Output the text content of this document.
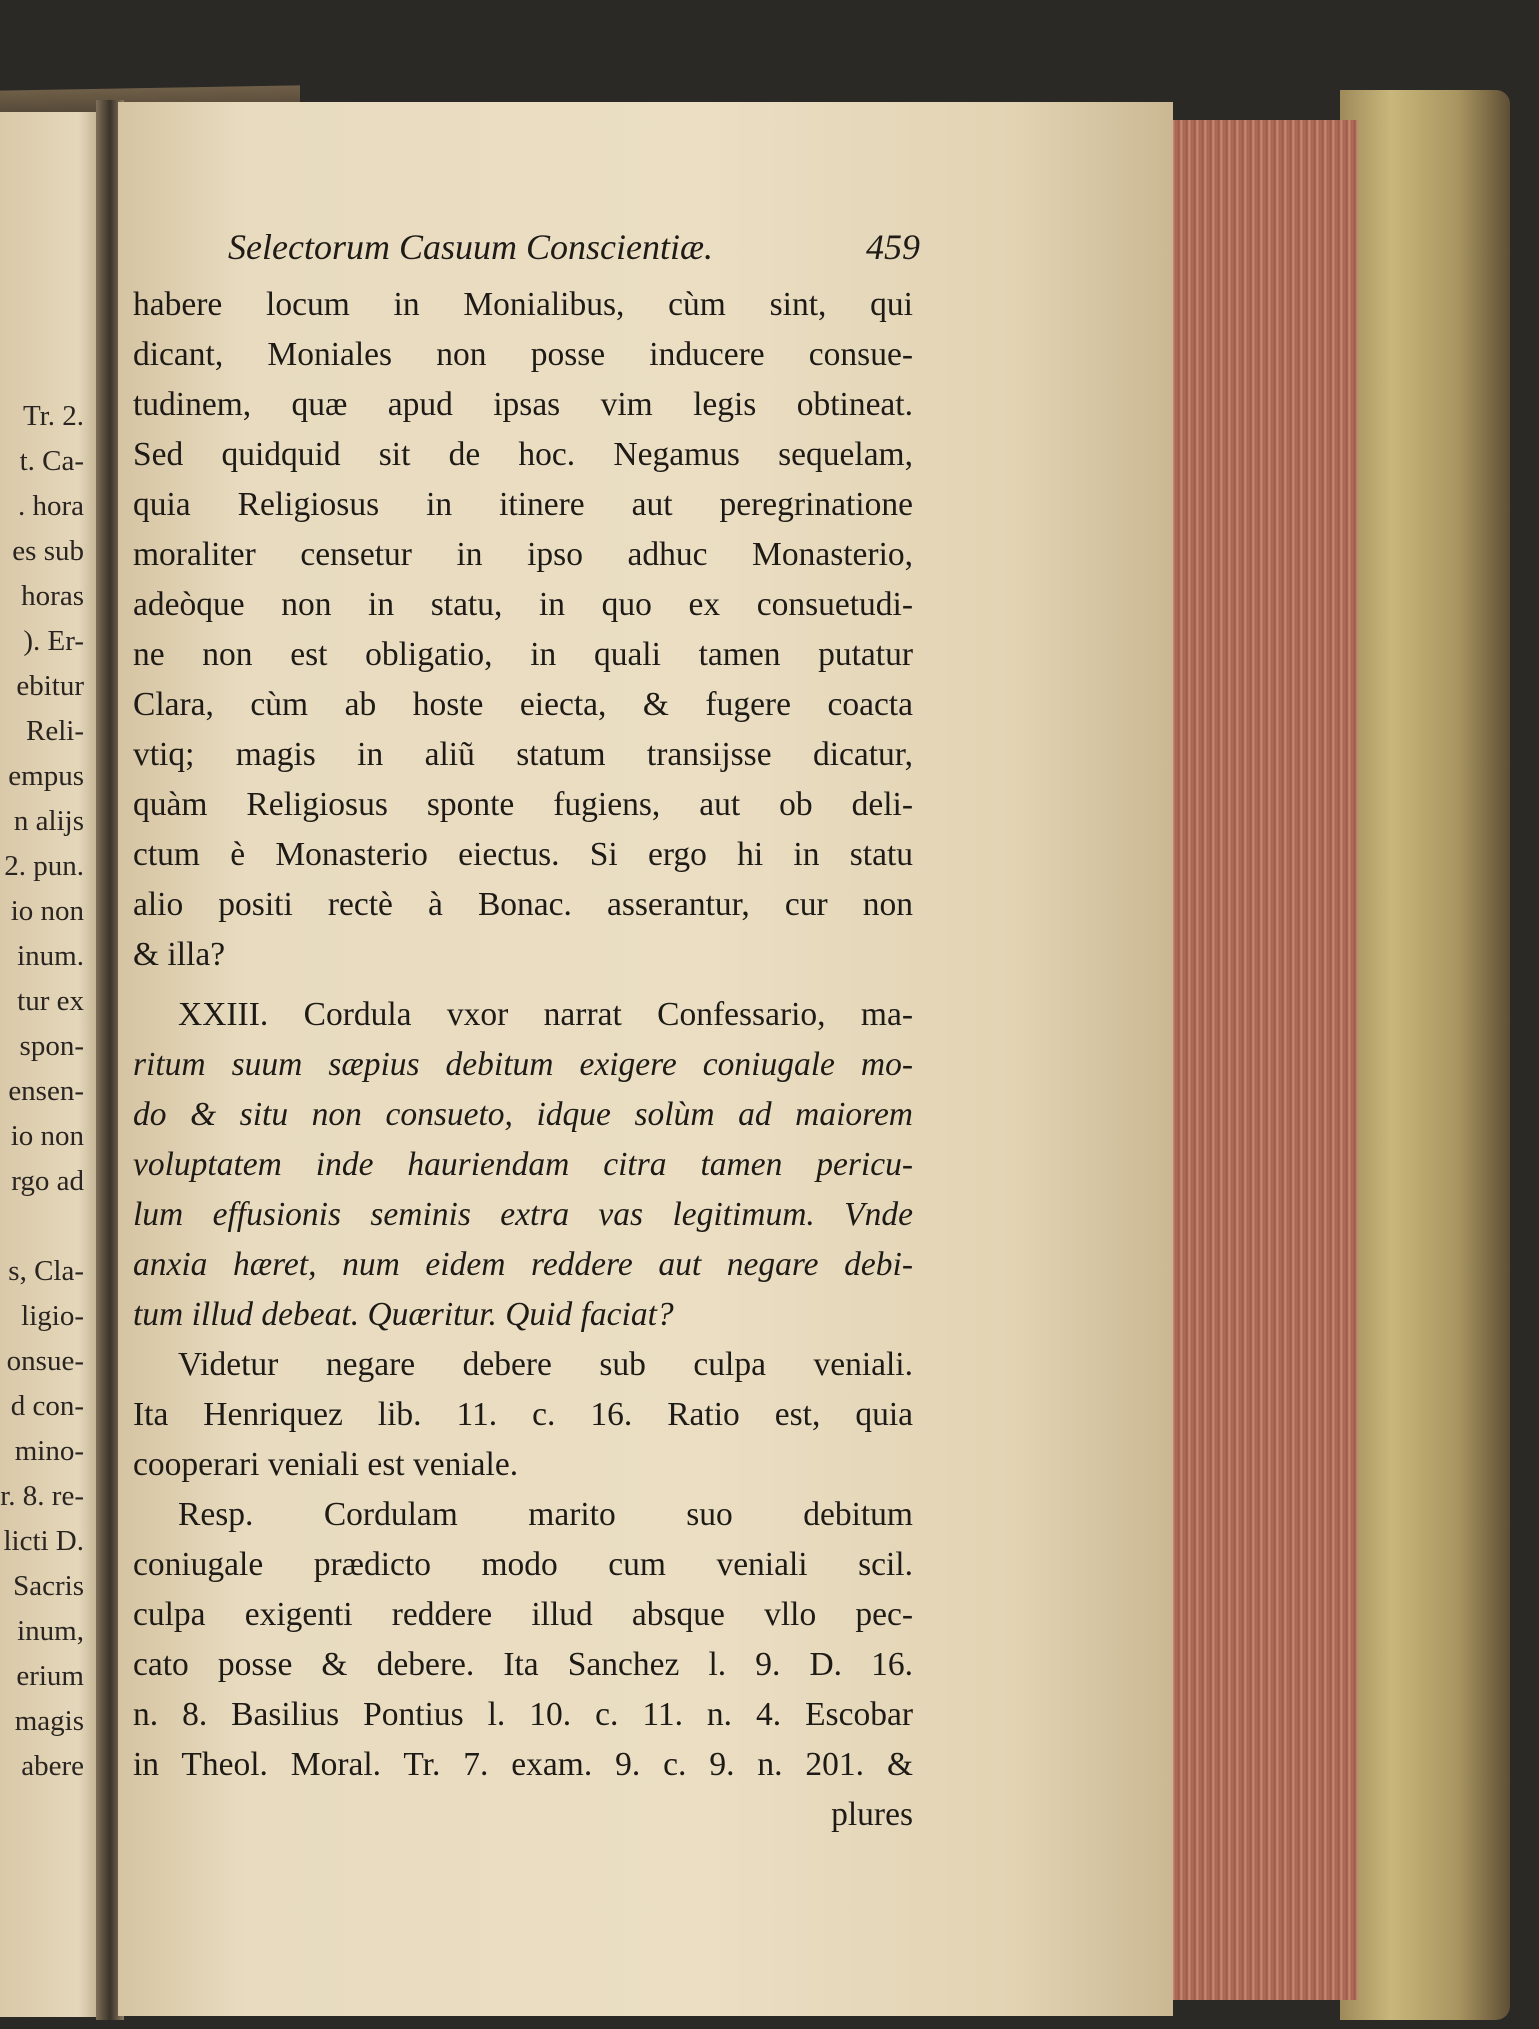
Tr. 2.
t. Ca-
. hora
es sub
horas
). Er-
ebitur
Reli-
empus
n alijs
2. pun.
io non
inum.
tur ex
spon-
ensen-
io non
rgo ad
s, Cla-
ligio-
onsue-
d con-
mino-
r. 8. re-
licti D.
Sacris
inum,
erium
magis
abere
Selectorum Casuum Conscientiæ.	459
habere locum in Monialibus, cùm sint, qui
dicant, Moniales non posse inducere consue-
tudinem, quæ apud ipsas vim legis obtineat.
Sed quidquid sit de hoc. Negamus sequelam,
quia Religiosus in itinere aut peregrinatione
moraliter censetur in ipso adhuc Monasterio,
adeòque non in statu, in quo ex consuetudi-
ne non est obligatio, in quali tamen putatur
Clara, cùm ab hoste eiecta, & fugere coacta
vtiq; magis in aliũ statum transijsse dicatur,
quàm Religiosus sponte fugiens, aut ob deli-
ctum è Monasterio eiectus. Si ergo hi in statu
alio positi rectè à Bonac. asserantur, cur non
& illa?
XXIII. Cordula vxor narrat Confessario, ma-
ritum suum sæpius debitum exigere coniugale mo-
do & situ non consueto, idque solùm ad maiorem
voluptatem inde hauriendam citra tamen pericu-
lum effusionis seminis extra vas legitimum. Vnde
anxia hæret, num eidem reddere aut negare debi-
tum illud debeat. Quæritur. Quid faciat?
Videtur negare debere sub culpa veniali.
Ita Henriquez lib. 11. c. 16. Ratio est, quia
cooperari veniali est veniale.
Resp. Cordulam marito suo debitum
coniugale prædicto modo cum veniali scil.
culpa exigenti reddere illud absque vllo pec-
cato posse & debere. Ita Sanchez l. 9. D. 16.
n. 8. Basilius Pontius l. 10. c. 11. n. 4. Escobar
in Theol. Moral. Tr. 7. exam. 9. c. 9. n. 201. &
plures
